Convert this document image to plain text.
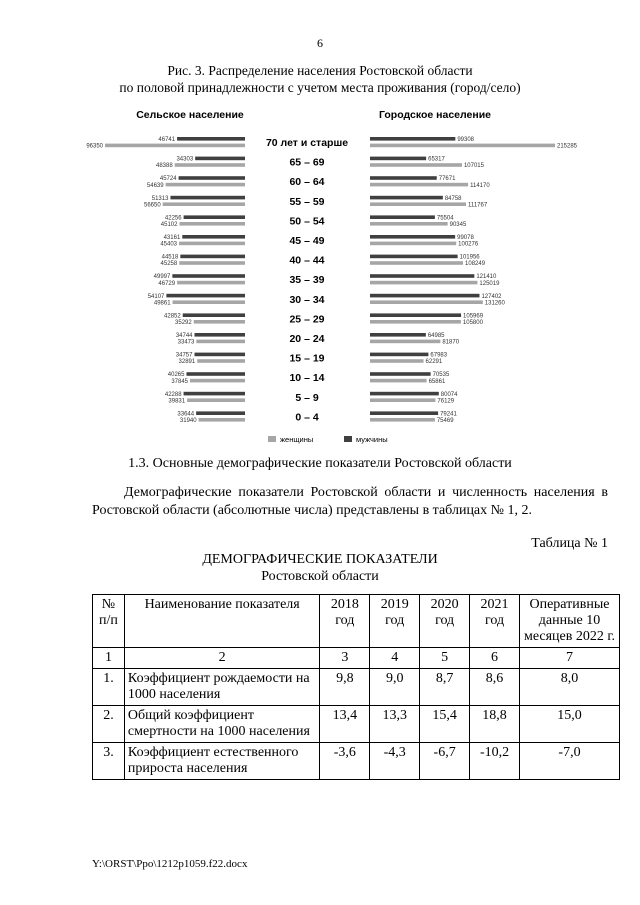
6
Рис. 3. Распределение населения Ростовской области
по половой принадлежности с учетом места проживания (город/село)
Сельское население	Городское население
70 лет и старше
46741
96350
99308
215285
65 – 69
34303
48388
65317
107015
60 – 64
45724
54639
77671
114170
55 – 59
51313
56650
84758
111767
50 – 54
42256
45102
75504
90345
45 – 49
43161
45403
99078
100276
40 – 44
44518
45258
101956
108249
35 – 39
49997
46729
121410
125019
30 – 34
54107
49861
127402
131260
25 – 29
42852
35292
105969
105800
20 – 24
34744
33473
64985
81870
15 – 19
34757
32891
67983
62291
10 – 14
40265
37845
70535
65861
5 – 9
42288
39831
80074
76129
0 – 4
33644
31940
79241
75469
женщины	мужчины
1.3. Основные демографические показатели Ростовской области
Демографические показатели Ростовской области и численность населения в Ростовской области (абсолютные числа) представлены в таблицах № 1, 2.
Таблица № 1
ДЕМОГРАФИЧЕСКИЕ ПОКАЗАТЕЛИ
Ростовской области
№ п/п	Наименование показателя	2018 год	2019 год	2020 год	2021 год	Оперативные данные 10 месяцев 2022 г.
1	2	3	4	5	6	7
1.	Коэффициент рождаемости на 1000 населения	9,8	9,0	8,7	8,6	8,0
2.	Общий коэффициент смертности на 1000 населения	13,4	13,3	15,4	18,8	15,0
3.	Коэффициент естественного прироста населения	-3,6	-4,3	-6,7	-10,2	-7,0
Y:\ORST\Ppo\1212p1059.f22.docx
